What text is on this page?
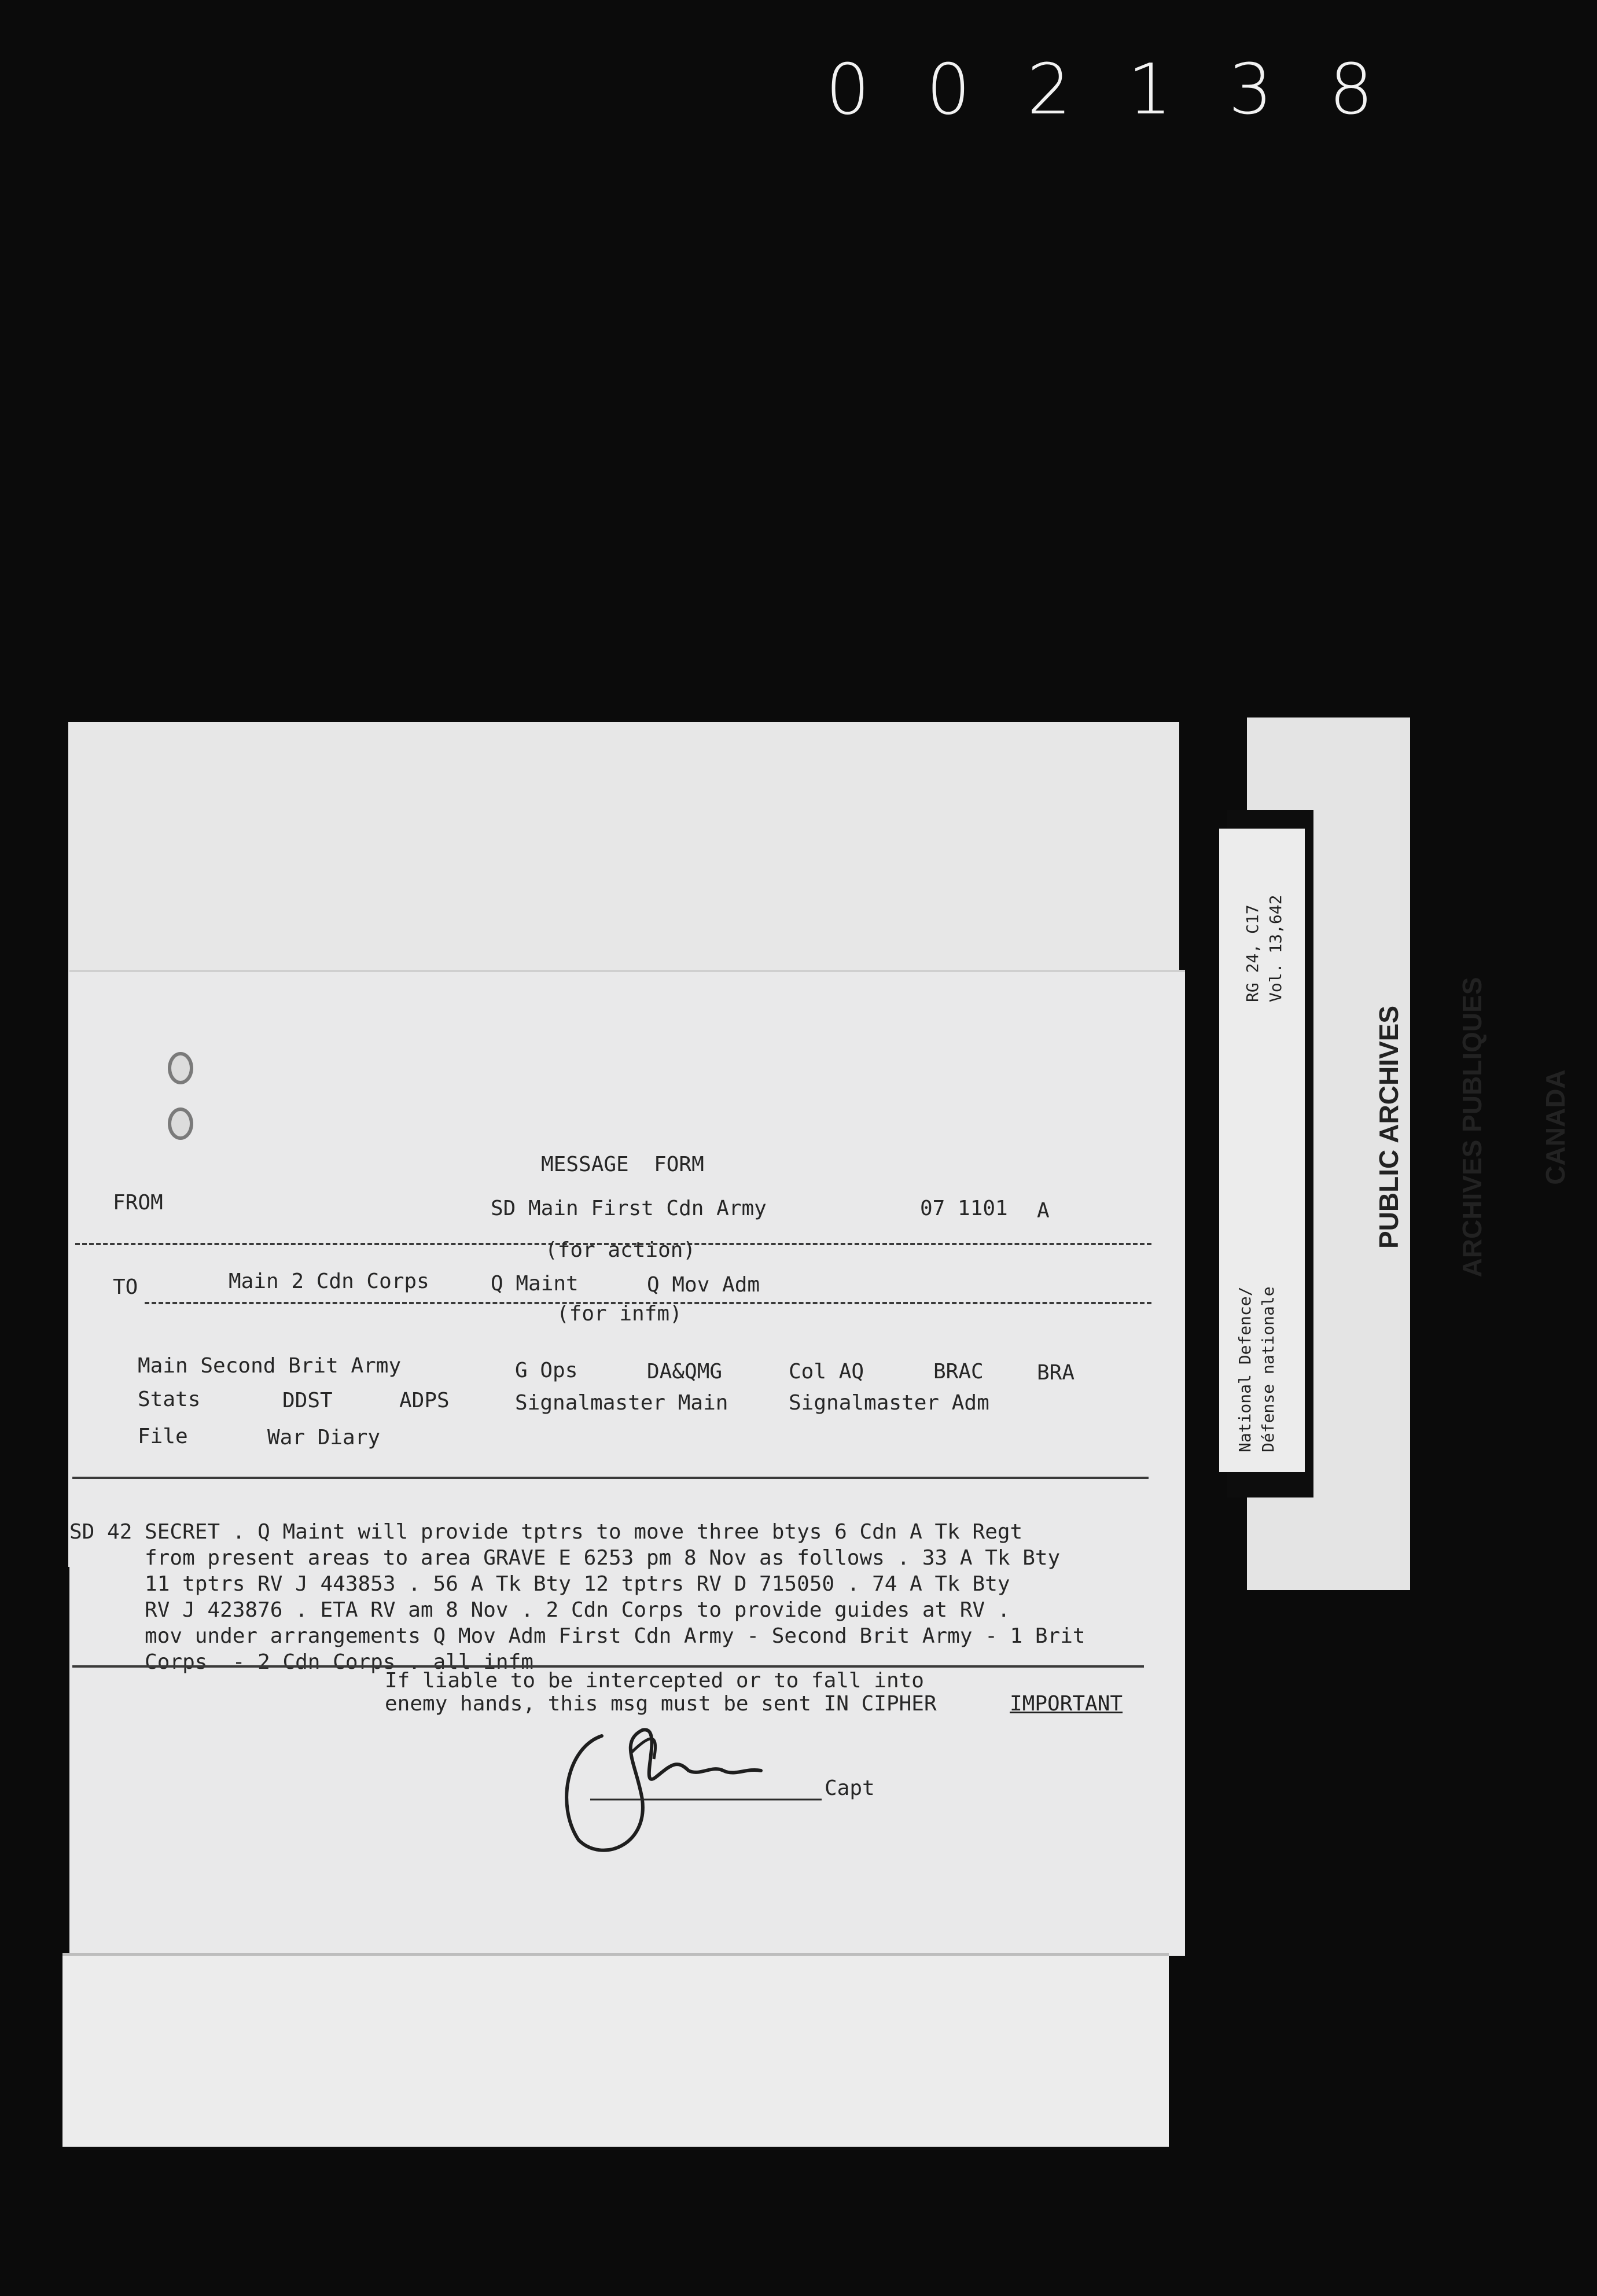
0 0 2 1 3 8
MESSAGE  FORM
FROM	SD Main First Cdn Army	07 1101 A
(for action)
TO	Main 2 Cdn Corps	Q Maint	Q Mov Adm
(for infm)
Main Second Brit Army	G Ops	DA&QMG	Col AQ	BRAC	BRA
Stats	DDST	ADPS	Signalmaster Main	Signalmaster Adm
File	War Diary

SD 42 SECRET . Q Maint will provide tptrs to move three btys 6 Cdn A Tk Regt
from present areas to area GRAVE E 6253 pm 8 Nov as follows . 33 A Tk Bty
11 tptrs RV J 443853 . 56 A Tk Bty 12 tptrs RV D 715050 . 74 A Tk Bty
RV J 423876 . ETA RV am 8 Nov . 2 Cdn Corps to provide guides at RV .
mov under arrangements Q Mov Adm First Cdn Army - Second Brit Army - 1 Brit
Corps  - 2 Cdn Corps . all infm

If liable to be intercepted or to fall into
enemy hands, this msg must be sent IN CIPHER	IMPORTANT
Capt
RG 24, C17 Vol. 13,642
National Defence/ Défense nationale

PUBLIC ARCHIVES

ARCHIVES PUBLIQUES

CANADA
